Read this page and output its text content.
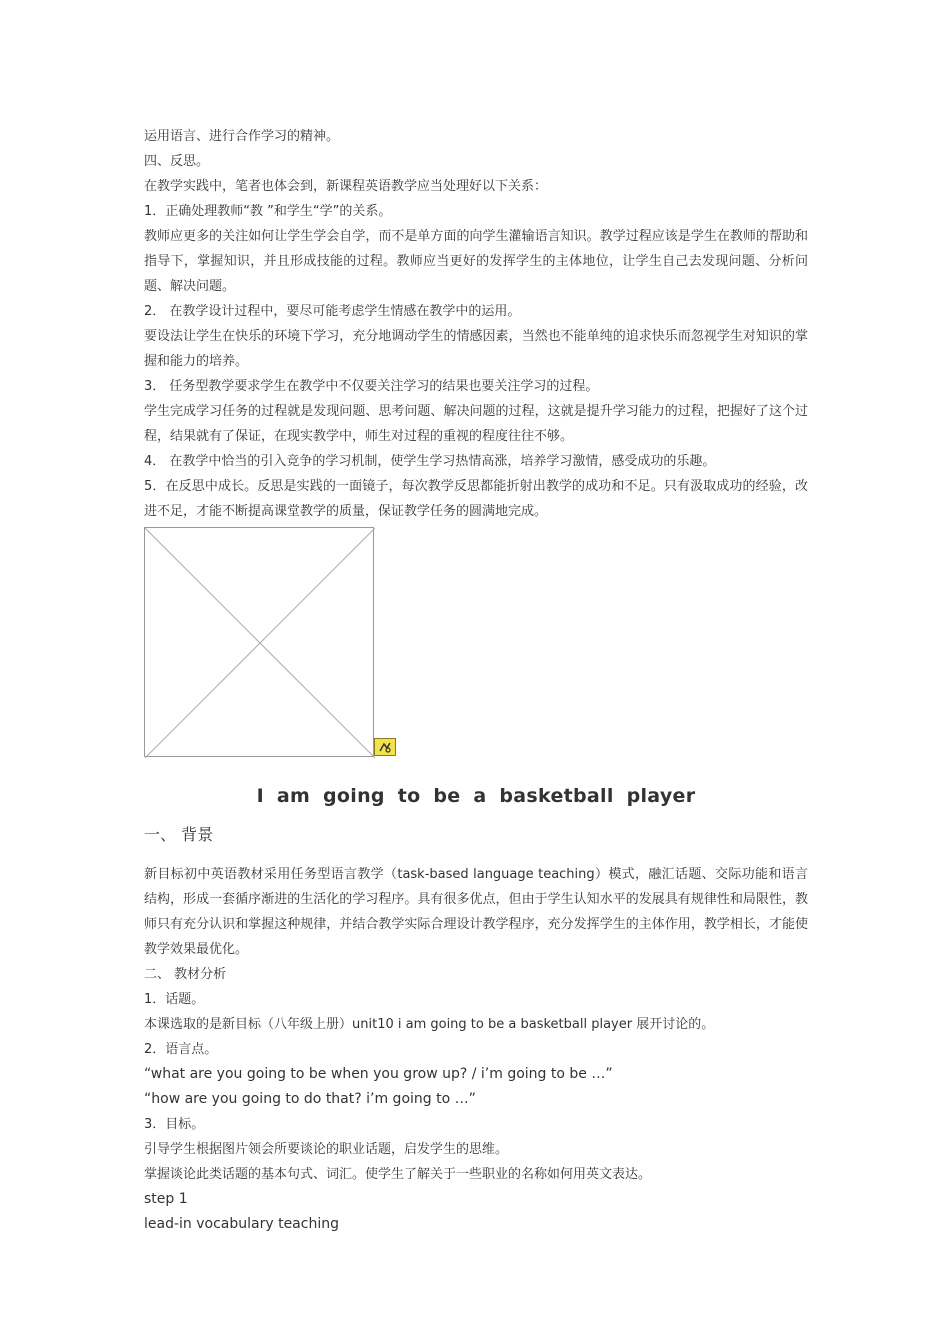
运用语言、进行合作学习的精神。
四、反思。
在教学实践中，笔者也体会到，新课程英语教学应当处理好以下关系：
1．正确处理教师“教 ”和学生“学”的关系。
教师应更多的关注如何让学生学会自学，而不是单方面的向学生灌输语言知识。教学过程应该是学生在教师的帮助和指导下，掌握知识，并且形成技能的过程。教师应当更好的发挥学生的主体地位，让学生自己去发现问题、分析问题、解决问题。
2． 在教学设计过程中，要尽可能考虑学生情感在教学中的运用。
要设法让学生在快乐的环境下学习，充分地调动学生的情感因素，当然也不能单纯的追求快乐而忽视学生对知识的掌握和能力的培养。
3． 任务型教学要求学生在教学中不仅要关注学习的结果也要关注学习的过程。
学生完成学习任务的过程就是发现问题、思考问题、解决问题的过程，这就是提升学习能力的过程，把握好了这个过程，结果就有了保证，在现实教学中，师生对过程的重视的程度往往不够。
4． 在教学中恰当的引入竞争的学习机制，使学生学习热情高涨，培养学习激情，感受成功的乐趣。
5．在反思中成长。反思是实践的一面镜子，每次教学反思都能折射出教学的成功和不足。只有汲取成功的经验，改进不足，才能不断提高课堂教学的质量，保证教学任务的圆满地完成。
I am going to be a basketball player
一、 背景
新目标初中英语教材采用任务型语言教学（task-based language teaching）模式，融汇话题、交际功能和语言结构，形成一套循序渐进的生活化的学习程序。具有很多优点，但由于学生认知水平的发展具有规律性和局限性，教师只有充分认识和掌握这种规律，并结合教学实际合理设计教学程序，充分发挥学生的主体作用，教学相长，才能使教学效果最优化。
二、 教材分析
1．话题。
本课选取的是新目标（八年级上册）unit10 i am going to be a basketball player 展开讨论的。
2．语言点。
“what are you going to be when you grow up? / i’m going to be …”
“how are you going to do that? i’m going to …”
3．目标。
引导学生根据图片领会所要谈论的职业话题，启发学生的思维。
掌握谈论此类话题的基本句式、词汇。使学生了解关于一些职业的名称如何用英文表达。
step 1
lead-in vocabulary teaching
